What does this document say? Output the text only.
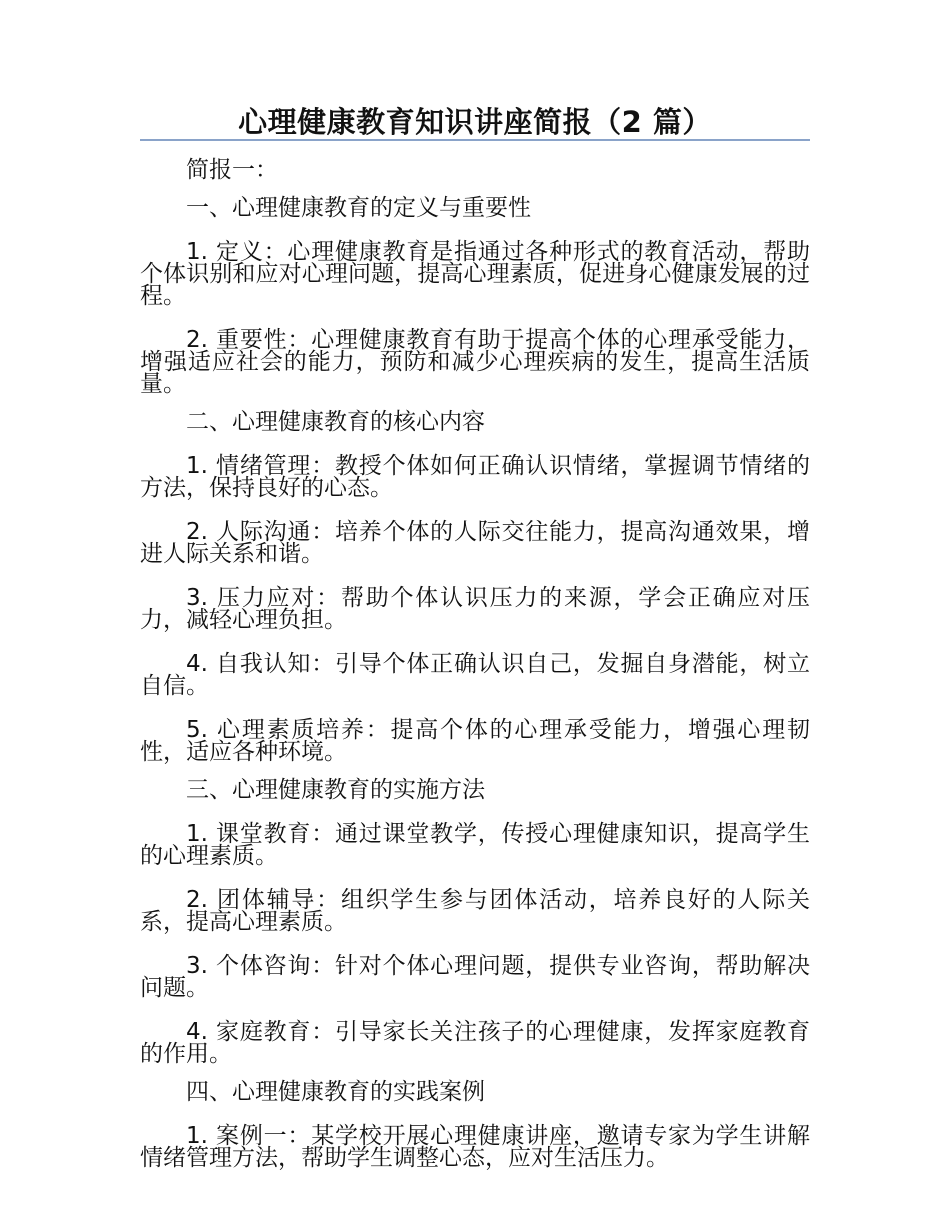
心理健康教育知识讲座简报（2 篇）

简报一：

一、心理健康教育的定义与重要性

1. 定义：心理健康教育是指通过各种形式的教育活动，帮助个体识别和应对心理问题，提高心理素质，促进身心健康发展的过程。

2. 重要性：心理健康教育有助于提高个体的心理承受能力，增强适应社会的能力，预防和减少心理疾病的发生，提高生活质量。

二、心理健康教育的核心内容

1. 情绪管理：教授个体如何正确认识情绪，掌握调节情绪的方法，保持良好的心态。

2. 人际沟通：培养个体的人际交往能力，提高沟通效果，增进人际关系和谐。

3. 压力应对：帮助个体认识压力的来源，学会正确应对压力，减轻心理负担。

4. 自我认知：引导个体正确认识自己，发掘自身潜能，树立自信。

5. 心理素质培养：提高个体的心理承受能力，增强心理韧性，适应各种环境。

三、心理健康教育的实施方法

1. 课堂教育：通过课堂教学，传授心理健康知识，提高学生的心理素质。

2. 团体辅导：组织学生参与团体活动，培养良好的人际关系，提高心理素质。

3. 个体咨询：针对个体心理问题，提供专业咨询，帮助解决问题。

4. 家庭教育：引导家长关注孩子的心理健康，发挥家庭教育的作用。

四、心理健康教育的实践案例

1. 案例一：某学校开展心理健康讲座，邀请专家为学生讲解情绪管理方法，帮助学生调整心态，应对生活压力。
